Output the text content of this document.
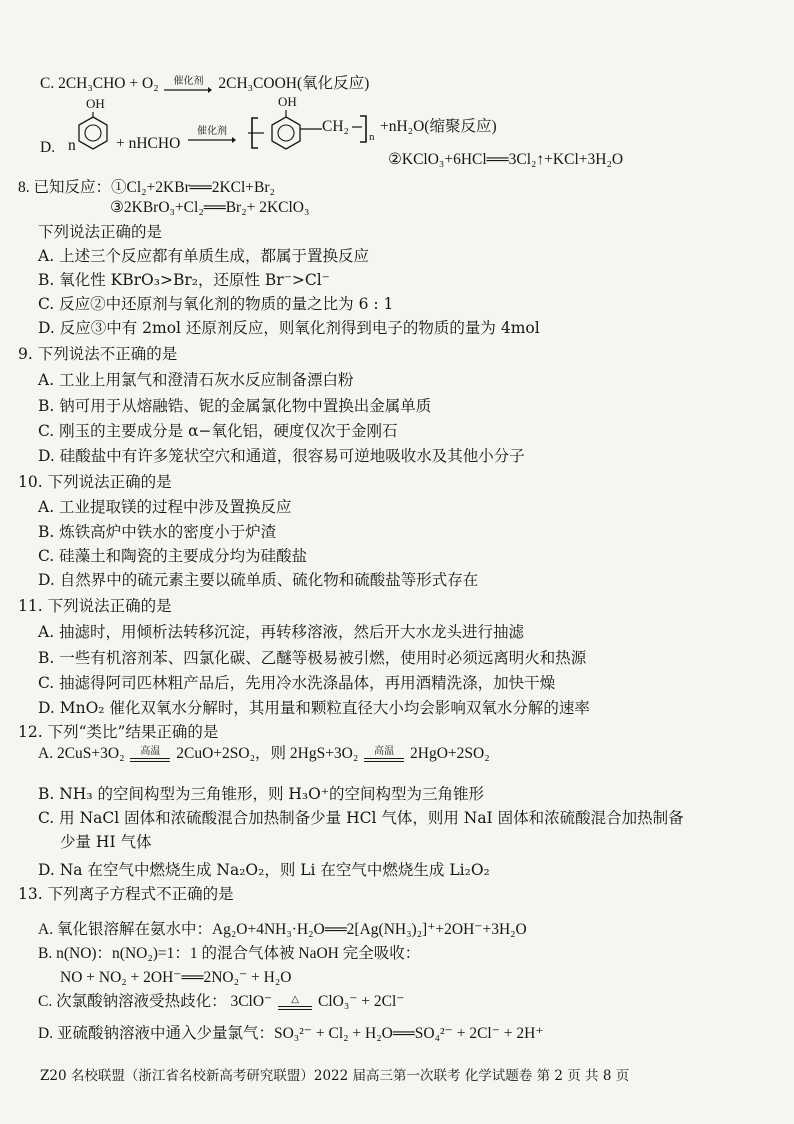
C. 2CH₃CHO + O₂	催化剂 2CH₃COOH(氧化反应)
D. n
OH
+ nHCHO
催化剂
OH
CH₂
n
+nH₂O(缩聚反应)
②KClO₃+6HCl══3Cl₂↑+KCl+3H₂O
8. 已知反应：①Cl₂+2KBr══2KCl+Br₂
③2KBrO₃+Cl₂══Br₂+ 2KClO₃
下列说法正确的是
A. 上述三个反应都有单质生成，都属于置换反应
B. 氧化性 KBrO₃>Br₂，还原性 Br⁻>Cl⁻
C. 反应②中还原剂与氧化剂的物质的量之比为 6 : 1
D. 反应③中有 2mol 还原剂反应，则氧化剂得到电子的物质的量为 4mol
9. 下列说法不正确的是
A. 工业上用氯气和澄清石灰水反应制备漂白粉
B. 钠可用于从熔融锆、铌的金属氯化物中置换出金属单质
C. 刚玉的主要成分是 α−氧化铝，硬度仅次于金刚石
D. 硅酸盐中有许多笼状空穴和通道，很容易可逆地吸收水及其他小分子
10. 下列说法正确的是
A. 工业提取镁的过程中涉及置换反应
B. 炼铁高炉中铁水的密度小于炉渣
C. 硅藻土和陶瓷的主要成分均为硅酸盐
D. 自然界中的硫元素主要以硫单质、硫化物和硫酸盐等形式存在
11. 下列说法正确的是
A. 抽滤时，用倾析法转移沉淀，再转移溶液，然后开大水龙头进行抽滤
B. 一些有机溶剂苯、四氯化碳、乙醚等极易被引燃，使用时必须远离明火和热源
C. 抽滤得阿司匹林粗产品后，先用冷水洗涤晶体，再用酒精洗涤，加快干燥
D. MnO₂ 催化双氧水分解时，其用量和颗粒直径大小均会影响双氧水分解的速率
12. 下列“类比”结果正确的是
A. 2CuS+3O₂	高温	2CuO+2SO₂，则 2HgS+3O₂	高温	2HgO+2SO₂
B. NH₃ 的空间构型为三角锥形，则 H₃O⁺的空间构型为三角锥形
C. 用 NaCl 固体和浓硫酸混合加热制备少量 HCl 气体，则用 NaI 固体和浓硫酸混合加热制备
少量 HI 气体
D. Na 在空气中燃烧生成 Na₂O₂，则 Li 在空气中燃烧生成 Li₂O₂
13. 下列离子方程式不正确的是
A. 氧化银溶解在氨水中：Ag₂O+4NH₃·H₂O══2[Ag(NH₃)₂]⁺+2OH⁻+3H₂O
B. n(NO)：n(NO₂)=1：1 的混合气体被 NaOH 完全吸收：
NO + NO₂ + 2OH⁻══2NO₂⁻ + H₂O
C. 次氯酸钠溶液受热歧化： 3ClO⁻	△	ClO₃⁻ + 2Cl⁻
D. 亚硫酸钠溶液中通入少量氯气：SO₃²⁻ + Cl₂ + H₂O══SO₄²⁻ + 2Cl⁻ + 2H⁺
Z20 名校联盟（浙江省名校新高考研究联盟）2022 届高三第一次联考 化学试题卷 第 2 页 共 8 页
